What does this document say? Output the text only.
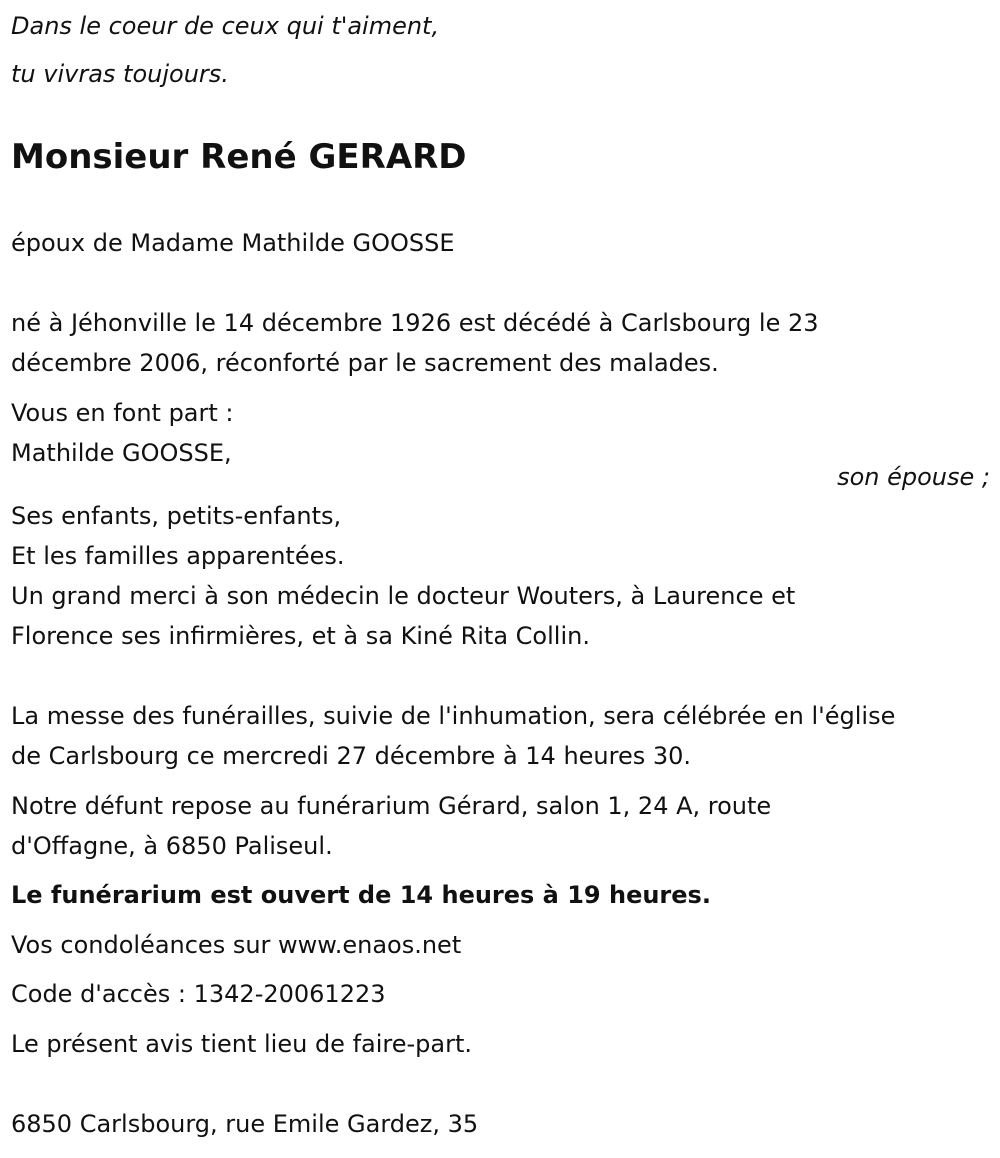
Dans le coeur de ceux qui t'aiment,

tu vivras toujours.

Monsieur René GERARD

époux de Madame Mathilde GOOSSE

né à Jéhonville le 14 décembre 1926 est décédé à Carlsbourg le 23

décembre 2006, réconforté par le sacrement des malades.

Vous en font part :

Mathilde GOOSSE,

son épouse ;

Ses enfants, petits-enfants,

Et les familles apparentées.

Un grand merci à son médecin le docteur Wouters, à Laurence et

Florence ses infirmières, et à sa Kiné Rita Collin.

La messe des funérailles, suivie de l'inhumation, sera célébrée en l'église

de Carlsbourg ce mercredi 27 décembre à 14 heures 30.

Notre défunt repose au funérarium Gérard, salon 1, 24 A, route

d'Offagne, à 6850 Paliseul.

Le funérarium est ouvert de 14 heures à 19 heures.

Vos condoléances sur www.enaos.net

Code d'accès : 1342-20061223

Le présent avis tient lieu de faire-part.

6850 Carlsbourg, rue Emile Gardez, 35
